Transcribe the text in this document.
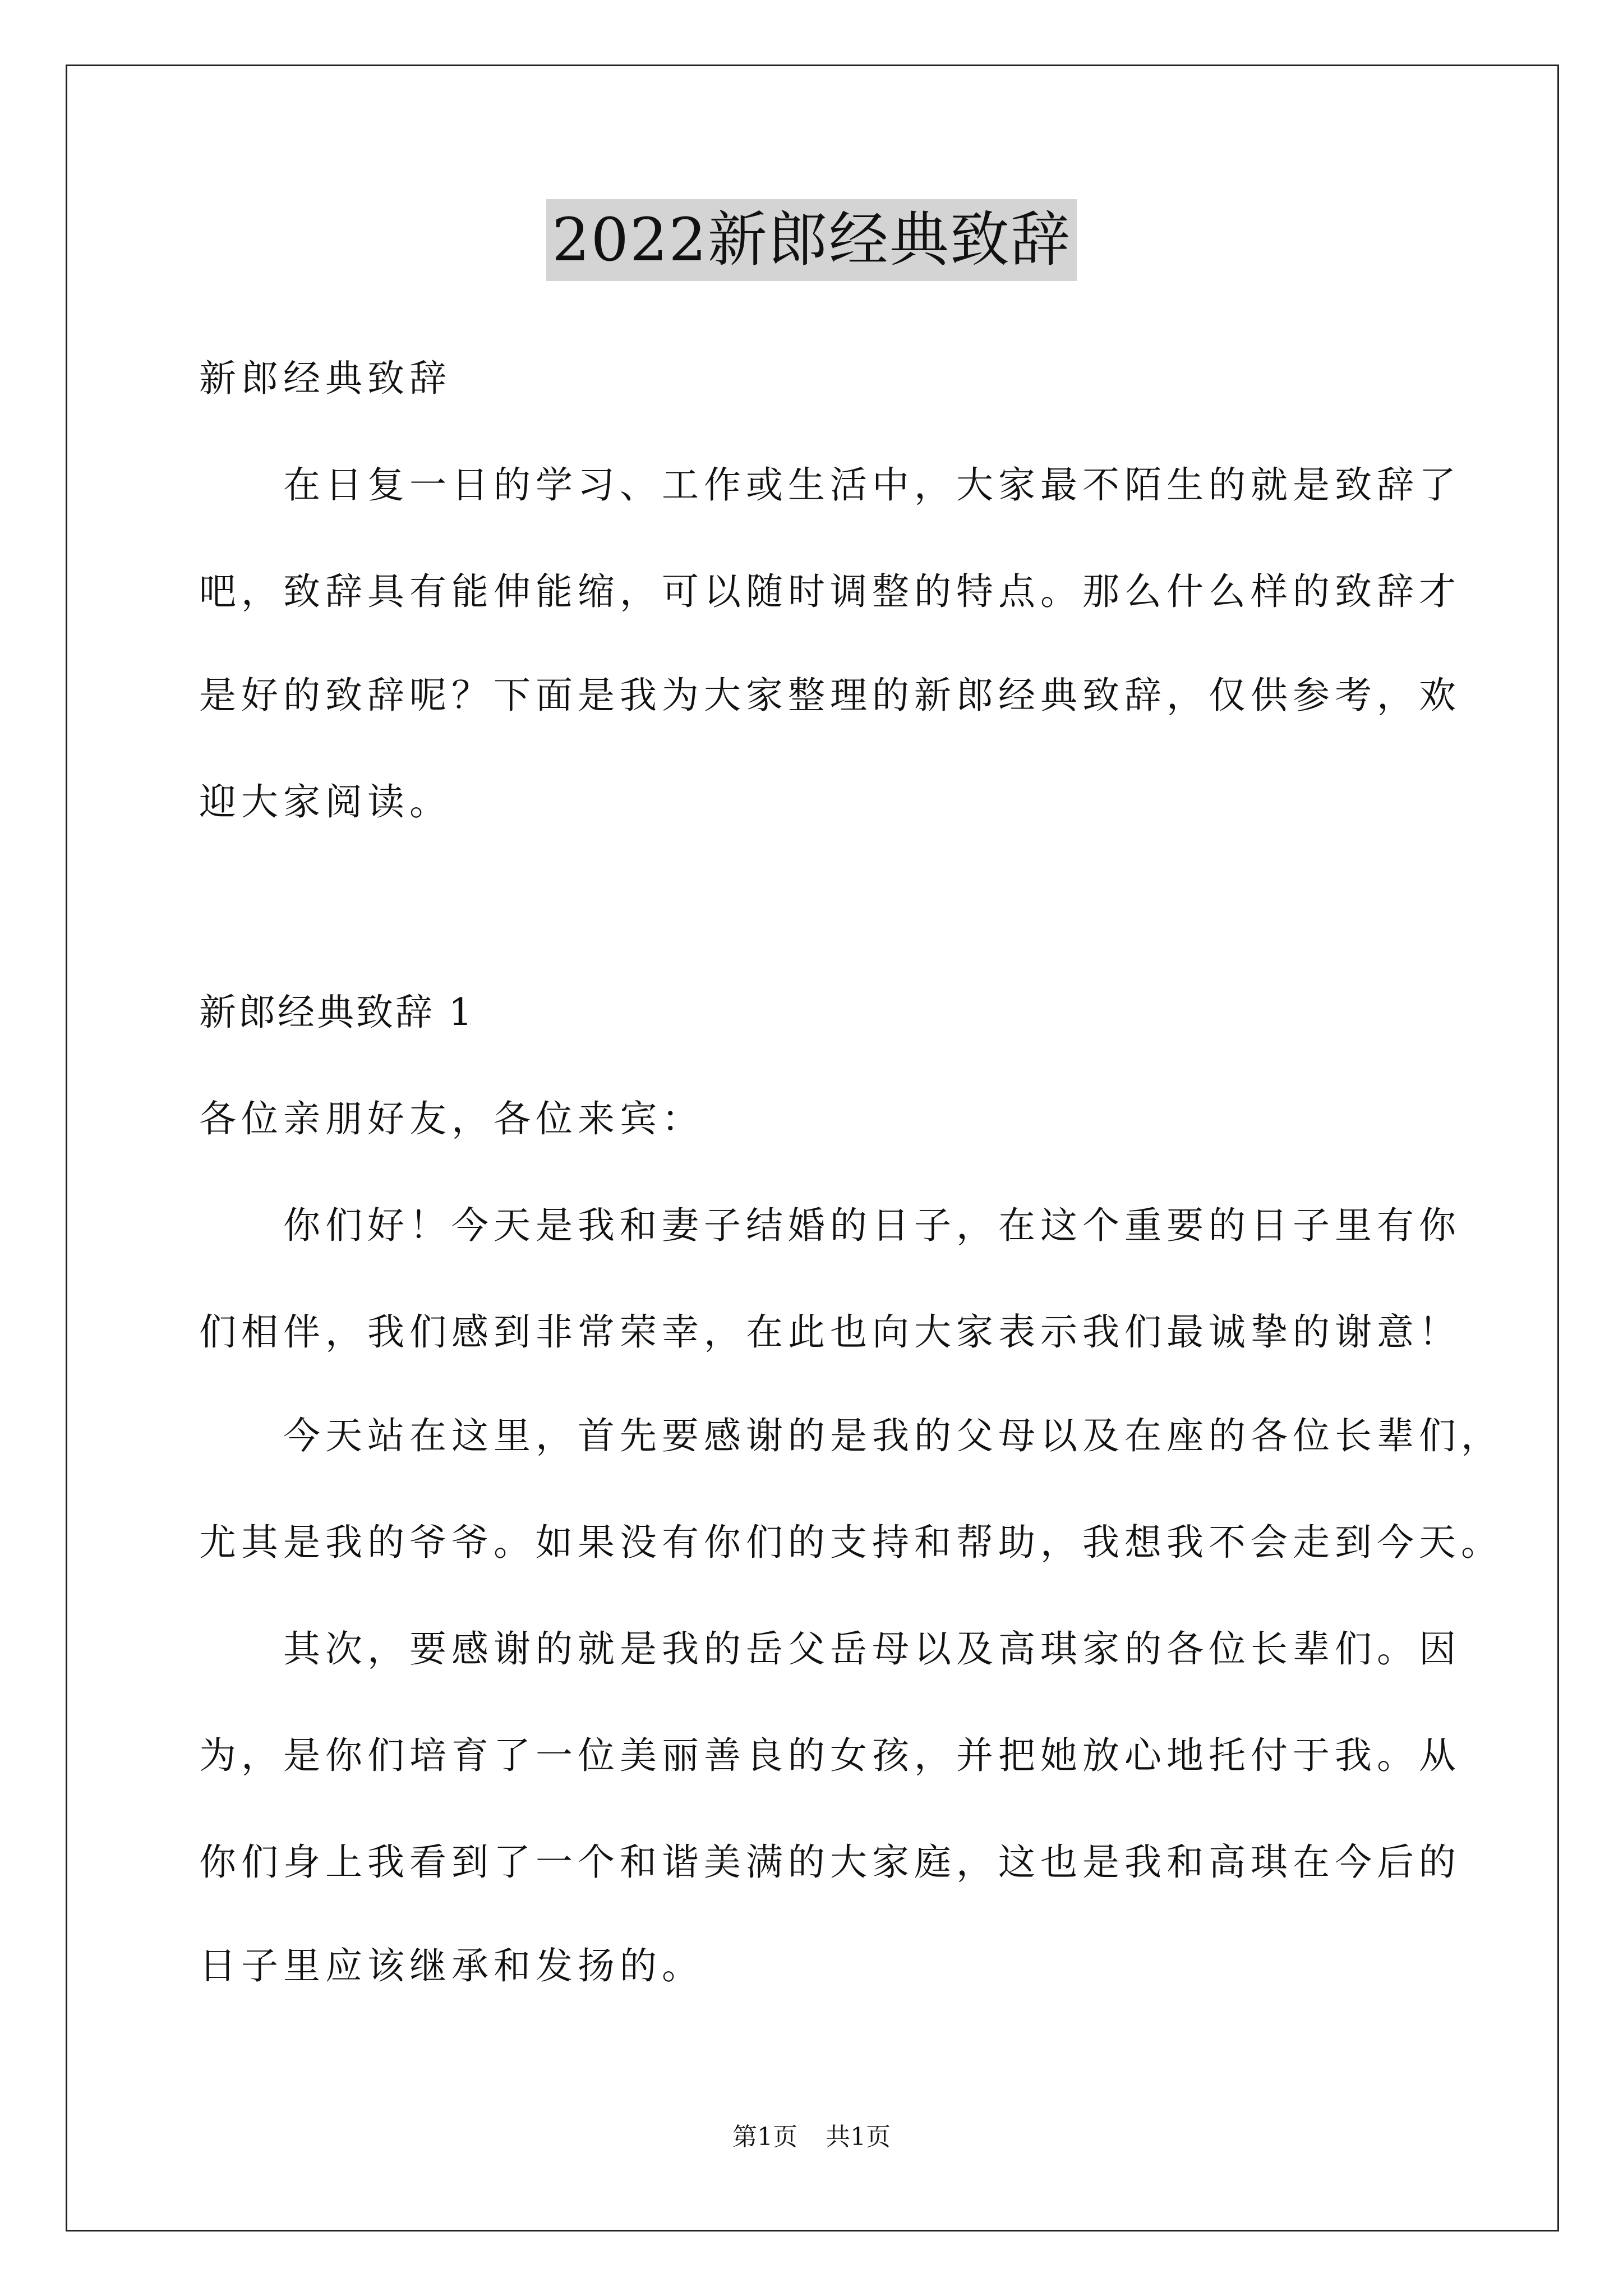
2022新郎经典致辞
新郎经典致辞
　　在日复一日的学习、工作或生活中，大家最不陌生的就是致辞了
吧，致辞具有能伸能缩，可以随时调整的特点。那么什么样的致辞才
是好的致辞呢？下面是我为大家整理的新郎经典致辞，仅供参考，欢
迎大家阅读。
新郎经典致辞 1
各位亲朋好友，各位来宾：
　　你们好！今天是我和妻子结婚的日子，在这个重要的日子里有你
们相伴，我们感到非常荣幸，在此也向大家表示我们最诚挚的谢意！
　　今天站在这里，首先要感谢的是我的父母以及在座的各位长辈们，
尤其是我的爷爷。如果没有你们的支持和帮助，我想我不会走到今天。
　　其次，要感谢的就是我的岳父岳母以及高琪家的各位长辈们。因
为，是你们培育了一位美丽善良的女孩，并把她放心地托付于我。从
你们身上我看到了一个和谐美满的大家庭，这也是我和高琪在今后的
日子里应该继承和发扬的。
第1页 共1页
